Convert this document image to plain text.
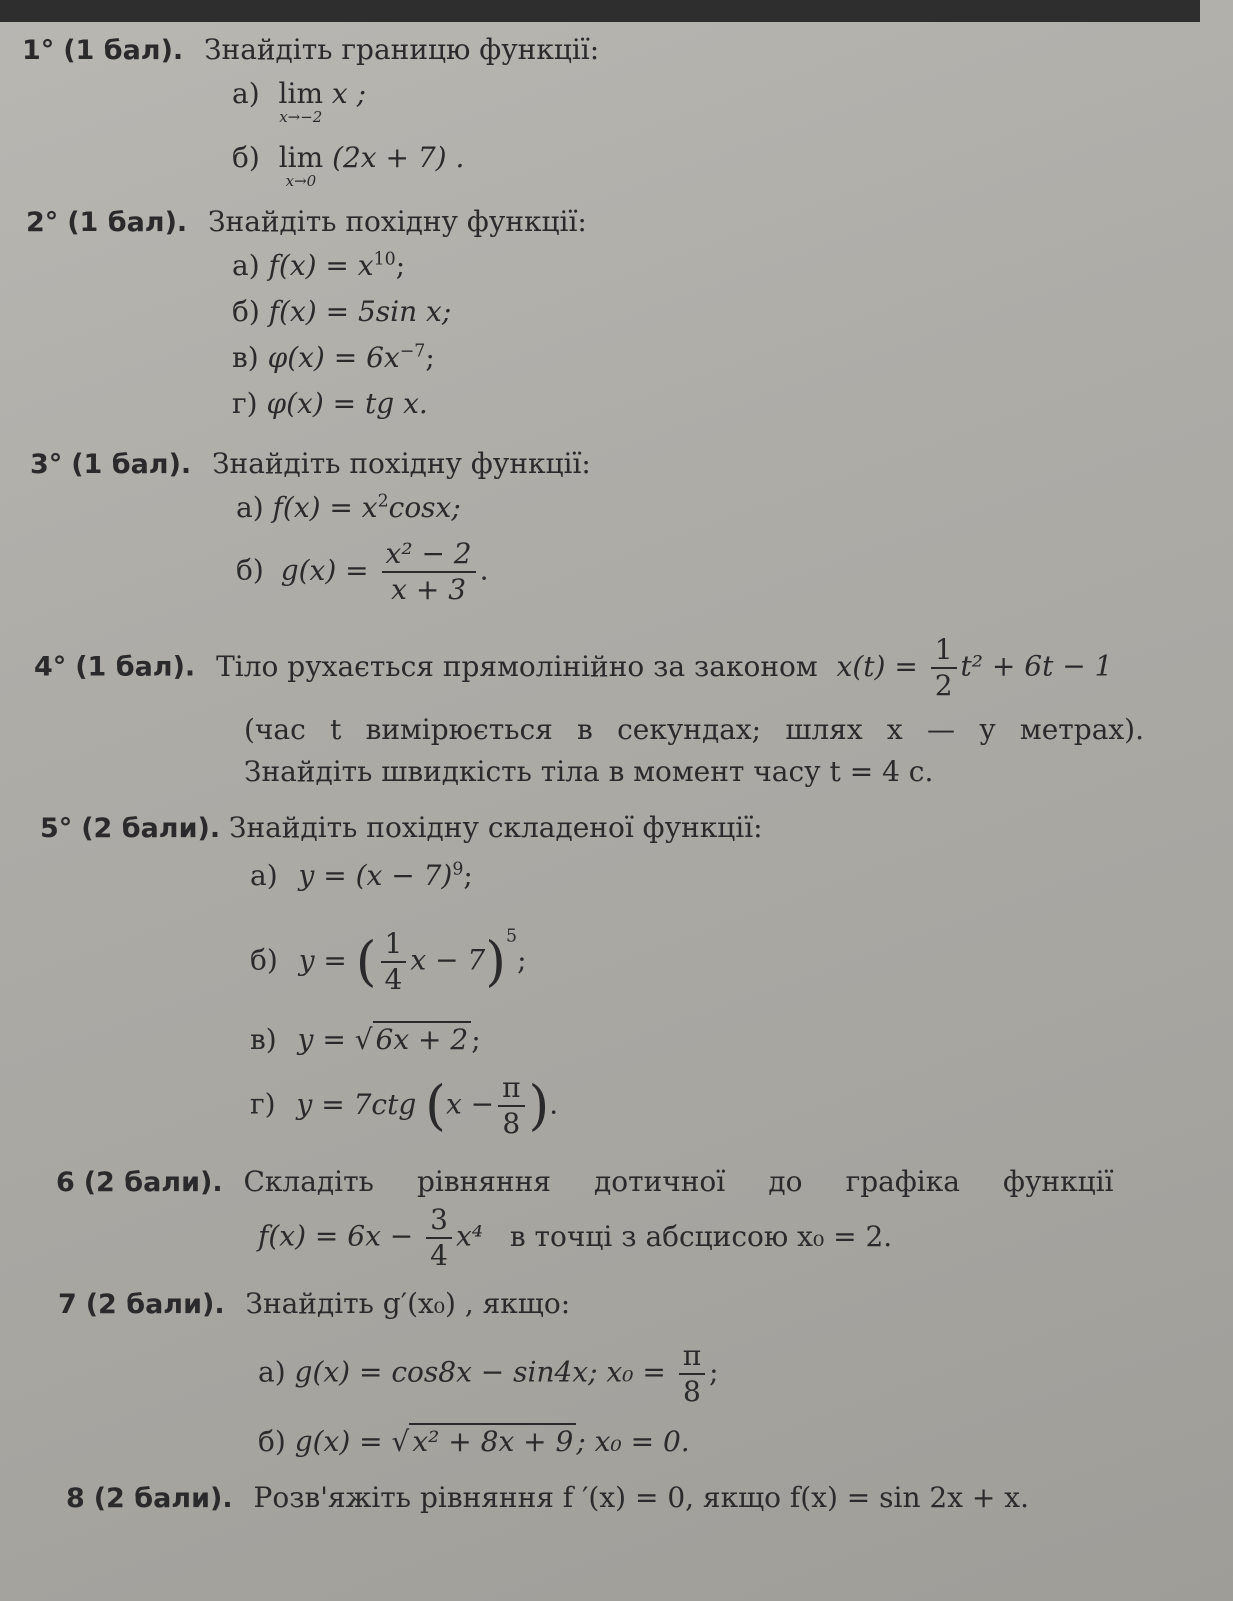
1° (1 бал). Знайдіть границю функції:
а) lim
x→−2
x ;
б) lim
x→0
(2x + 7) .
2° (1 бал). Знайдіть похідну функції:
а) $f(x) = x^{10}$;
б) f(x) = 5sin x;
в) $\varphi(x) = 6x^{-7}$;
г) φ(x) = tg x.
3° (1 бал). Знайдіть похідну функції:
а) $f(x) = x^2\cos x$;
б) $g(x) = \frac{\text{x² − 2}}{x + 3}$ .
4° (1 бал). Тіло рухається прямолінійно за законом $x(t) = \frac{1}{2} t^2 + 6t - 1$
(час t вимірюється в секундах; шлях x — у метрах).
Знайдіть швидкість тіла в момент часу t = 4 с.
5° (2 бали). Знайдіть похідну складеної функції:
а) $y = (x - 7)^9$;
б) y = ( $\frac{1}{4}$ x − 7)$^5$;
в) y = √ 6x + 2 ;
г) y = 7ctg ($x - \frac{\pi}{8}$ ).
6 (2 бали). Складіть рівняння дотичної до графіка функції
$f(x) = 6x - \frac{3}{4} x^4$ в точці з абсцисою x₀ = 2.
7 (2 бали). Знайдіть g′(x₀) , якщо:
а) g(x) = cos8x − sin4x; $x_0 = \frac{\pi}{8}$ ;
б) g(x) = √ x² + 8x + 9 ; x₀ = 0.
8 (2 бали). Розв'яжіть рівняння f ′(x) = 0, якщо f(x) = sin 2x + x.
